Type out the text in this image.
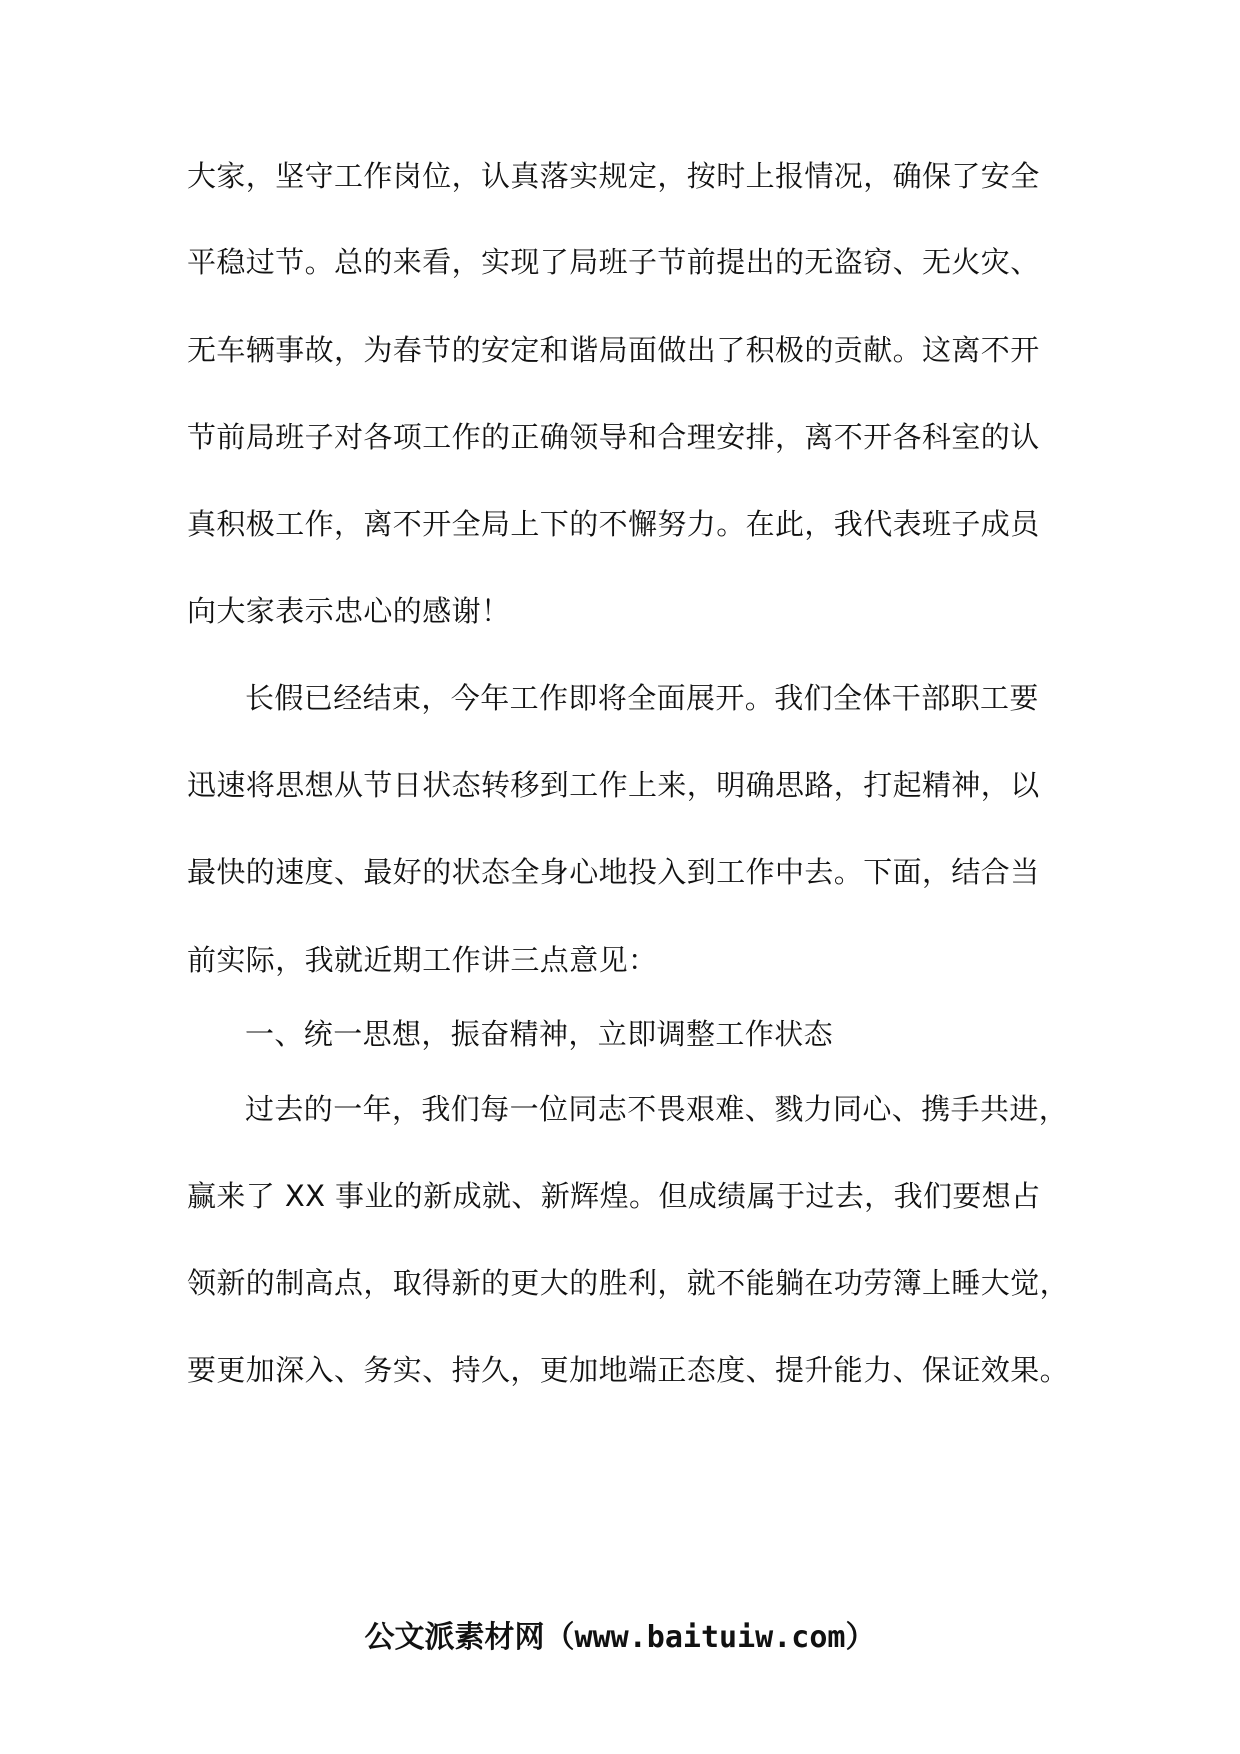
大家，坚守工作岗位，认真落实规定，按时上报情况，确保了安全

平稳过节。总的来看，实现了局班子节前提出的无盗窃、无火灾、

无车辆事故，为春节的安定和谐局面做出了积极的贡献。这离不开

节前局班子对各项工作的正确领导和合理安排，离不开各科室的认

真积极工作，离不开全局上下的不懈努力。在此，我代表班子成员

向大家表示忠心的感谢！

长假已经结束，今年工作即将全面展开。我们全体干部职工要

迅速将思想从节日状态转移到工作上来，明确思路，打起精神，以

最快的速度、最好的状态全身心地投入到工作中去。下面，结合当

前实际，我就近期工作讲三点意见：

一、统一思想，振奋精神，立即调整工作状态

过去的一年，我们每一位同志不畏艰难、戮力同心、携手共进，

赢来了 XX 事业的新成就、新辉煌。但成绩属于过去，我们要想占

领新的制高点，取得新的更大的胜利，就不能躺在功劳簿上睡大觉，

要更加深入、务实、持久，更加地端正态度、提升能力、保证效果。

公文派素材网（www.baituiw.com）
